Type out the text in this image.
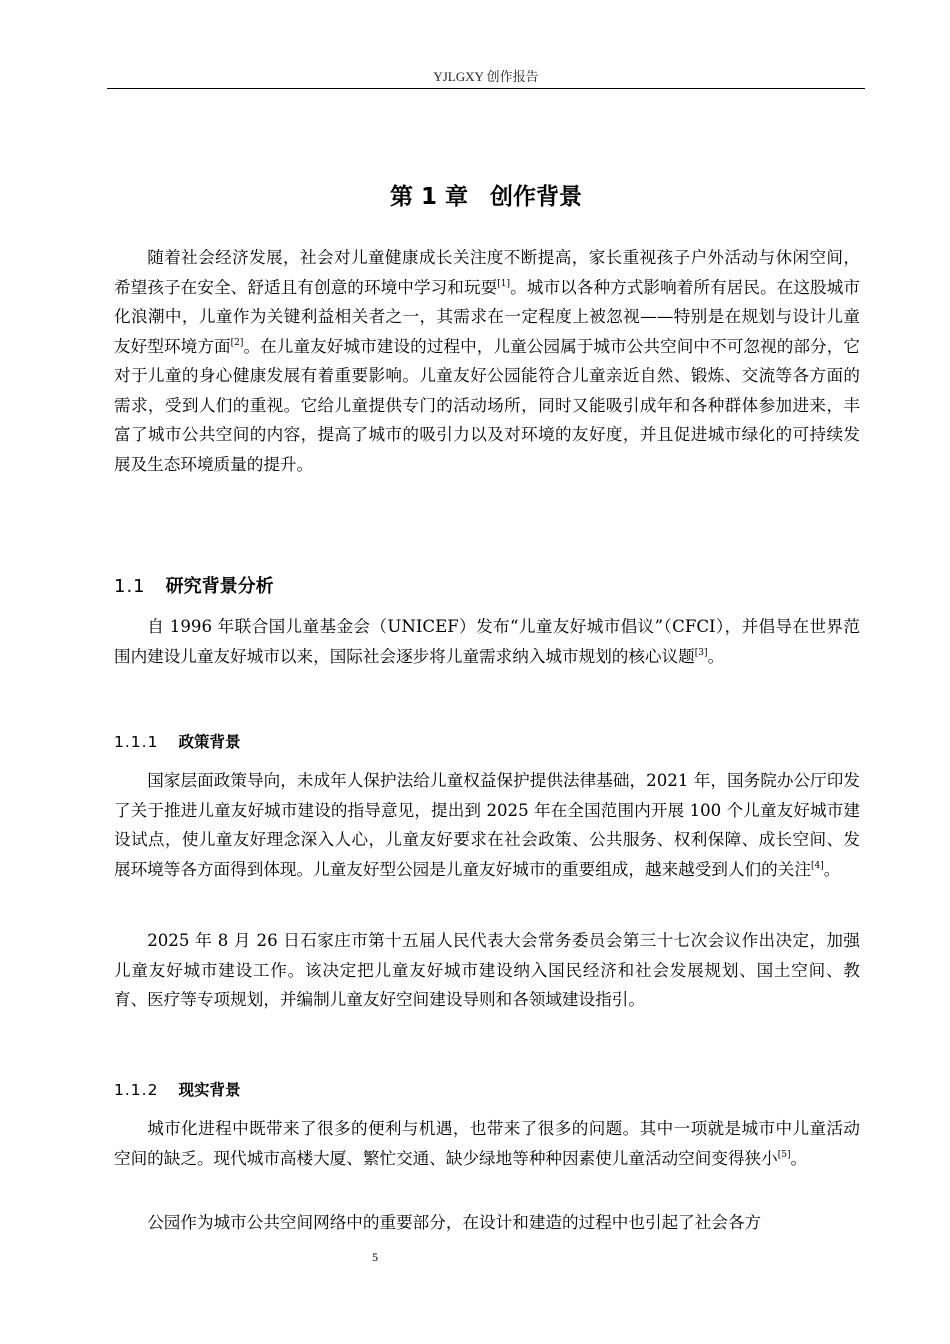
YJLGXY 创作报告
第 1 章 创作背景

随着社会经济发展，社会对儿童健康成长关注度不断提高，家长重视孩子户外活动与休闲空间，希望孩子在安全、舒适且有创意的环境中学习和玩耍[1]。城市以各种方式影响着所有居民。在这股城市化浪潮中，儿童作为关键利益相关者之一，其需求在一定程度上被忽视——特别是在规划与设计儿童友好型环境方面[2]。在儿童友好城市建设的过程中，儿童公园属于城市公共空间中不可忽视的部分，它对于儿童的身心健康发展有着重要影响。儿童友好公园能符合儿童亲近自然、锻炼、交流等各方面的需求，受到人们的重视。它给儿童提供专门的活动场所，同时又能吸引成年和各种群体参加进来，丰富了城市公共空间的内容，提高了城市的吸引力以及对环境的友好度，并且促进城市绿化的可持续发展及生态环境质量的提升。

1.1 研究背景分析

自 1996 年联合国儿童基金会（UNICEF）发布“儿童友好城市倡议”（CFCI），并倡导在世界范围内建设儿童友好城市以来，国际社会逐步将儿童需求纳入城市规划的核心议题[3]。

1.1.1 政策背景

国家层面政策导向，未成年人保护法给儿童权益保护提供法律基础，2021 年，国务院办公厅印发了关于推进儿童友好城市建设的指导意见，提出到 2025 年在全国范围内开展 100 个儿童友好城市建设试点，使儿童友好理念深入人心，儿童友好要求在社会政策、公共服务、权利保障、成长空间、发展环境等各方面得到体现。儿童友好型公园是儿童友好城市的重要组成，越来越受到人们的关注[4]。

2025 年 8 月 26 日石家庄市第十五届人民代表大会常务委员会第三十七次会议作出决定，加强儿童友好城市建设工作。该决定把儿童友好城市建设纳入国民经济和社会发展规划、国土空间、教育、医疗等专项规划，并编制儿童友好空间建设导则和各领域建设指引。

1.1.2 现实背景

城市化进程中既带来了很多的便利与机遇，也带来了很多的问题。其中一项就是城市中儿童活动空间的缺乏。现代城市高楼大厦、繁忙交通、缺少绿地等种种因素使儿童活动空间变得狭小[5]。

公园作为城市公共空间网络中的重要部分，在设计和建造的过程中也引起了社会各方

5
